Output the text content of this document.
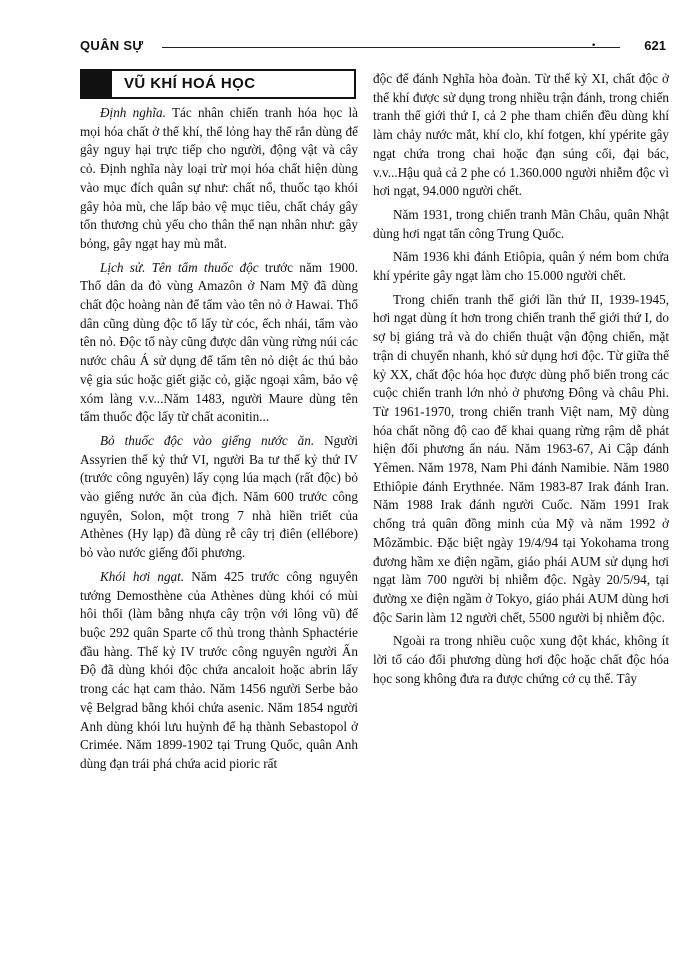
QUÂN SỰ	•	621
VŨ KHÍ HOÁ HỌC

Định nghĩa. Tác nhân chiến tranh hóa học là mọi hóa chất ở thể khí, thể lỏng hay thể rắn dùng để gây nguy hại trực tiếp cho người, động vật và cây cỏ. Định nghĩa này loại trừ mọi hóa chất hiện dùng vào mục đích quân sự như: chất nổ, thuốc tạo khói gây hỏa mù, che lấp bảo vệ mục tiêu, chất cháy gây tổn thương chủ yếu cho thân thể nạn nhân như: gây bỏng, gây ngạt hay mù mắt.

Lịch sử. Tên tẩm thuốc độc trước năm 1900. Thổ dân da đỏ vùng Amazôn ở Nam Mỹ đã dùng chất độc hoàng nàn để tẩm vào tên nỏ ở Hawai. Thổ dân cũng dùng độc tố lấy từ cóc, ếch nhái, tẩm vào tên nỏ. Độc tố này cũng được dân vùng rừng núi các nước châu Á sử dụng để tẩm tên nỏ diệt ác thú bảo vệ gia súc hoặc giết giặc cỏ, giặc ngoại xâm, bảo vệ xóm làng v.v...Năm 1483, người Maure dùng tên tẩm thuốc độc lấy từ chất aconitin...

Bỏ thuốc độc vào giếng nước ăn. Người Assyrien thế kỷ thứ VI, người Ba tư thế kỷ thứ IV (trước công nguyên) lấy cọng lúa mạch (rất độc) bỏ vào giếng nước ăn của địch. Năm 600 trước công nguyên, Solon, một trong 7 nhà hiền triết của Athènes (Hy lạp) đã dùng rễ cây trị điên (ellébore) bỏ vào nước giếng đối phương.

Khói hơi ngạt. Năm 425 trước công nguyên tướng Demosthène của Athènes dùng khói có mùi hôi thối (làm bằng nhựa cây trộn với lông vũ) để buộc 292 quân Sparte cố thủ trong thành Sphactérie đầu hàng. Thế kỷ IV trước công nguyên người Ấn Độ đã dùng khói độc chứa ancaloit hoặc abrin lấy trong các hạt cam thảo. Năm 1456 người Serbe bảo vệ Belgrad bằng khói chứa asenic. Năm 1854 người Anh dùng khói lưu huỳnh để hạ thành Sebastopol ở Crimée. Năm 1899-1902 tại Trung Quốc, quân Anh dùng đạn trái phá chứa acid pioric rất

độc để đánh Nghĩa hòa đoàn. Từ thế kỷ XI, chất độc ở thể khí được sử dụng trong nhiều trận đánh, trong chiến tranh thế giới thứ I, cả 2 phe tham chiến đều dùng khí làm chảy nước mắt, khí clo, khí fotgen, khí ypérite gây ngạt chứa trong chai hoặc đạn súng cối, đại bác, v.v...Hậu quả cả 2 phe có 1.360.000 người nhiễm độc vì hơi ngạt, 94.000 người chết.

Năm 1931, trong chiến tranh Mãn Châu, quân Nhật dùng hơi ngạt tấn công Trung Quốc.

Năm 1936 khi đánh Etiôpia, quân ý ném bom chứa khí ypérite gây ngạt làm cho 15.000 người chết.

Trong chiến tranh thế giới lần thứ II, 1939-1945, hơi ngạt dùng ít hơn trong chiến tranh thế giới thứ I, do sợ bị giáng trả và do chiến thuật vận động chiến, mặt trận di chuyển nhanh, khó sử dụng hơi độc. Từ giữa thế kỷ XX, chất độc hóa học được dùng phổ biến trong các cuộc chiến tranh lớn nhỏ ở phương Đông và châu Phi. Từ 1961-1970, trong chiến tranh Việt nam, Mỹ dùng hóa chất nồng độ cao để khai quang rừng rậm dễ phát hiện đối phương ẩn náu. Năm 1963-67, Ai Cập đánh Yêmen. Năm 1978, Nam Phi đánh Namibie. Năm 1980 Ethiôpie đánh Erythnée. Năm 1983-87 Irak đánh Iran. Năm 1988 Irak đánh người Cuốc. Năm 1991 Irak chống trả quân đồng minh của Mỹ và năm 1992 ở Môzămbic. Đặc biệt ngày 19/4/94 tại Yokohama trong đương hầm xe điện ngầm, giáo phái AUM sử dụng hơi ngạt làm 700 người bị nhiễm độc. Ngày 20/5/94, tại đường xe điện ngầm ở Tokyo, giáo phái AUM dùng hơi độc Sarin làm 12 người chết, 5500 người bị nhiễm độc.

Ngoài ra trong nhiều cuộc xung đột khác, không ít lời tố cáo đối phương dùng hơi độc hoặc chất độc hóa học song không đưa ra được chứng cớ cụ thể. Tây
